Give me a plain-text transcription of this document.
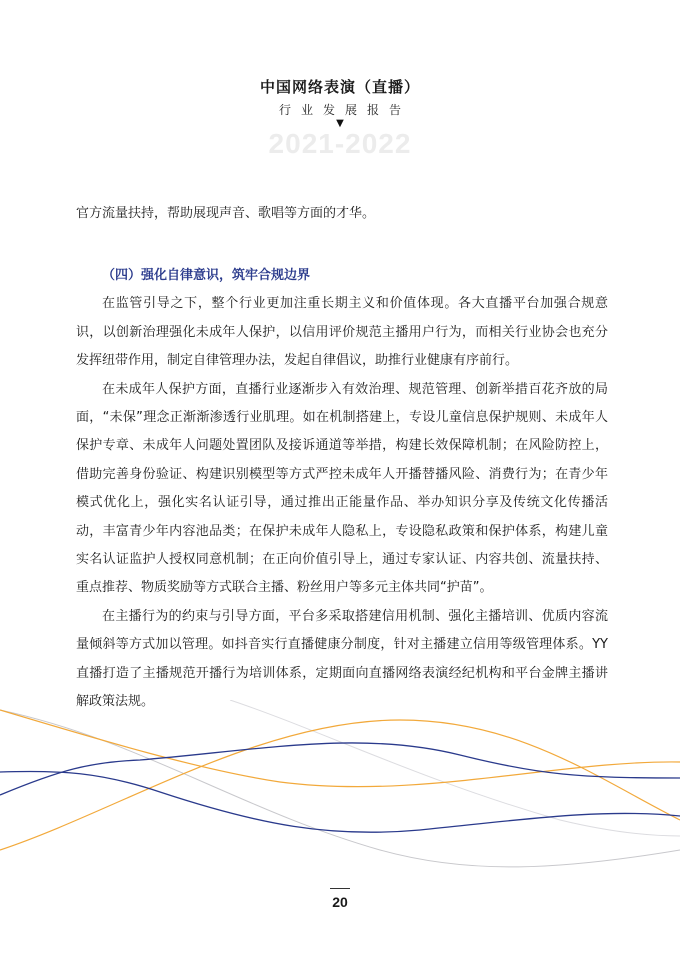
中国网络表演（直播）
行业发展报告
▼
2021-2022

官方流量扶持，帮助展现声音、歌唱等方面的才华。

（四）强化自律意识，筑牢合规边界

在监管引导之下，整个行业更加注重长期主义和价值体现。各大直播平台加强合规意识，以创新治理强化未成年人保护，以信用评价规范主播用户行为，而相关行业协会也充分发挥纽带作用，制定自律管理办法，发起自律倡议，助推行业健康有序前行。

在未成年人保护方面，直播行业逐渐步入有效治理、规范管理、创新举措百花齐放的局面，“未保”理念正渐渐渗透行业肌理。如在机制搭建上，专设儿童信息保护规则、未成年人保护专章、未成年人问题处置团队及接诉通道等举措，构建长效保障机制；在风险防控上，借助完善身份验证、构建识别模型等方式严控未成年人开播替播风险、消费行为；在青少年模式优化上，强化实名认证引导，通过推出正能量作品、举办知识分享及传统文化传播活动，丰富青少年内容池品类；在保护未成年人隐私上，专设隐私政策和保护体系，构建儿童实名认证监护人授权同意机制；在正向价值引导上，通过专家认证、内容共创、流量扶持、重点推荐、物质奖励等方式联合主播、粉丝用户等多元主体共同“护苗”。

在主播行为的约束与引导方面，平台多采取搭建信用机制、强化主播培训、优质内容流量倾斜等方式加以管理。如抖音实行直播健康分制度，针对主播建立信用等级管理体系。YY 直播打造了主播规范开播行为培训体系，定期面向直播网络表演经纪机构和平台金牌主播讲解政策法规。

20
